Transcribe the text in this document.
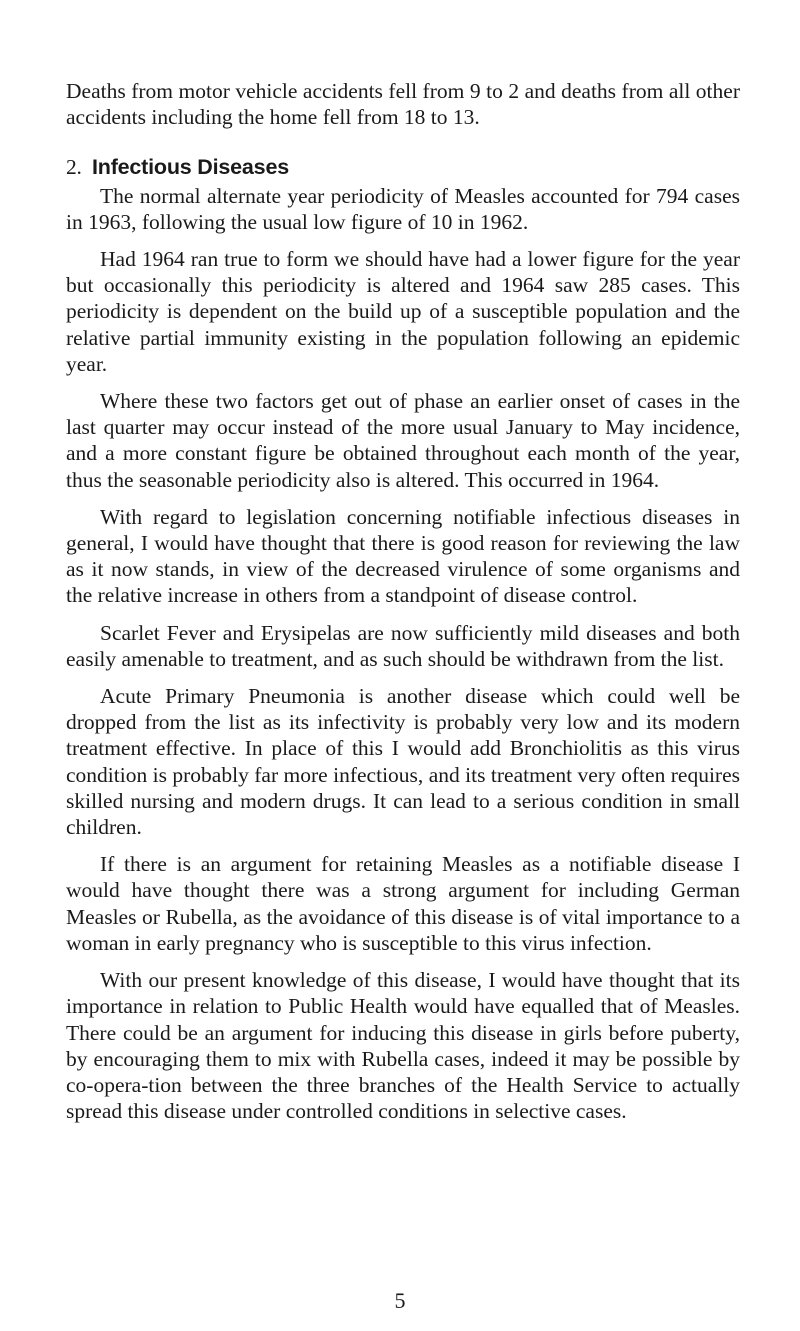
Deaths from motor vehicle accidents fell from 9 to 2 and deaths from all other accidents including the home fell from 18 to 13.

2. Infectious Diseases

The normal alternate year periodicity of Measles accounted for 794 cases in 1963, following the usual low figure of 10 in 1962.

Had 1964 ran true to form we should have had a lower figure for the year but occasionally this periodicity is altered and 1964 saw 285 cases. This periodicity is dependent on the build up of a susceptible population and the relative partial immunity existing in the population following an epidemic year.

Where these two factors get out of phase an earlier onset of cases in the last quarter may occur instead of the more usual January to May incidence, and a more constant figure be obtained throughout each month of the year, thus the seasonable periodicity also is altered. This occurred in 1964.

With regard to legislation concerning notifiable infectious diseases in general, I would have thought that there is good reason for reviewing the law as it now stands, in view of the decreased virulence of some organisms and the relative increase in others from a standpoint of disease control.

Scarlet Fever and Erysipelas are now sufficiently mild diseases and both easily amenable to treatment, and as such should be withdrawn from the list.

Acute Primary Pneumonia is another disease which could well be dropped from the list as its infectivity is probably very low and its modern treatment effective. In place of this I would add Bronchiolitis as this virus condition is probably far more infectious, and its treatment very often requires skilled nursing and modern drugs. It can lead to a serious condition in small children.

If there is an argument for retaining Measles as a notifiable disease I would have thought there was a strong argument for including German Measles or Rubella, as the avoidance of this disease is of vital importance to a woman in early pregnancy who is susceptible to this virus infection.

With our present knowledge of this disease, I would have thought that its importance in relation to Public Health would have equalled that of Measles. There could be an argument for inducing this disease in girls before puberty, by encouraging them to mix with Rubella cases, indeed it may be possible by co-opera-tion between the three branches of the Health Service to actually spread this disease under controlled conditions in selective cases.

5
